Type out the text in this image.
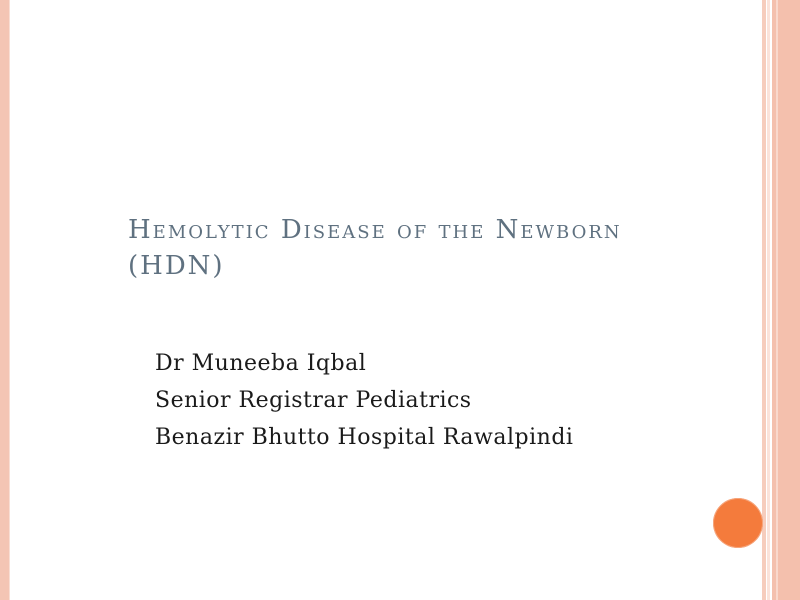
Hemolytic Disease of the Newborn
(HDN)
Dr Muneeba Iqbal
Senior Registrar Pediatrics
Benazir Bhutto Hospital Rawalpindi
